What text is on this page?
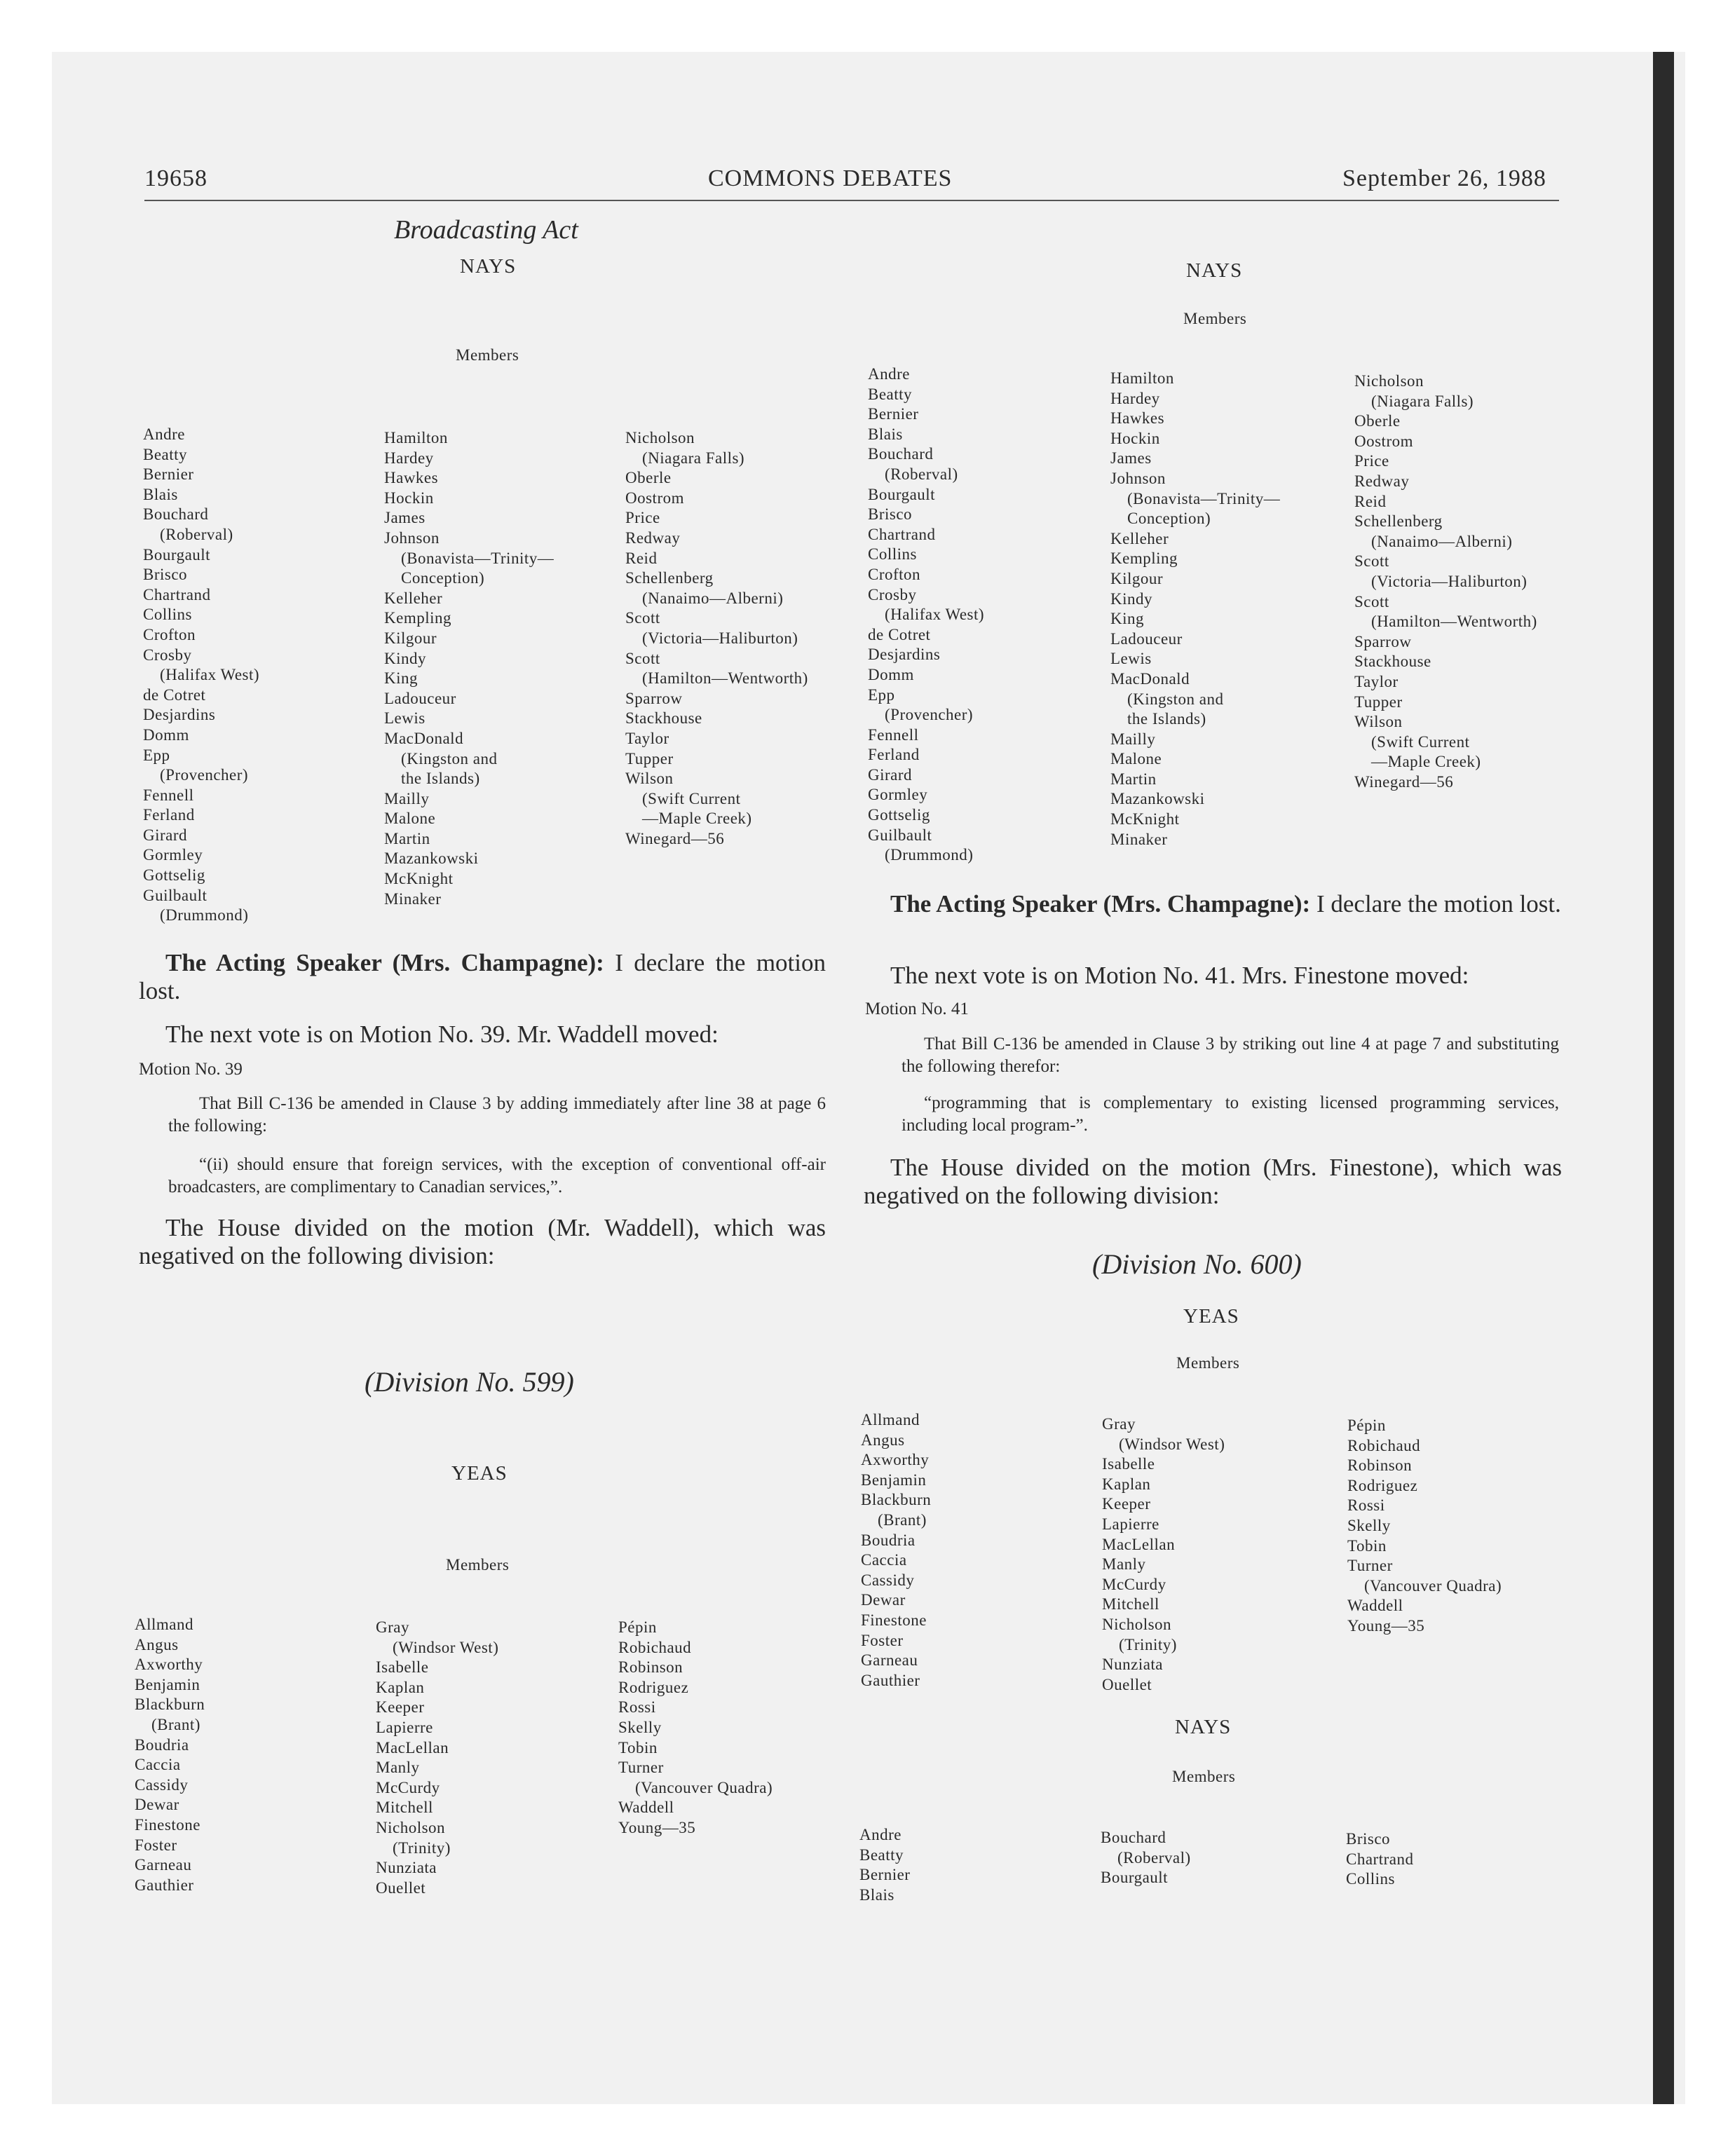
19658	COMMONS DEBATES	September 26, 1988
Broadcasting Act
NAYS
Members
Andre
Beatty
Bernier
Blais
Bouchard
(Roberval)
Bourgault
Brisco
Chartrand
Collins
Crofton
Crosby
(Halifax West)
de Cotret
Desjardins
Domm
Epp
(Provencher)
Fennell
Ferland
Girard
Gormley
Gottselig
Guilbault
(Drummond)
Hamilton
Hardey
Hawkes
Hockin
James
Johnson
(Bonavista—Trinity—
Conception)
Kelleher
Kempling
Kilgour
Kindy
King
Ladouceur
Lewis
MacDonald
(Kingston and
the Islands)
Mailly
Malone
Martin
Mazankowski
McKnight
Minaker
Nicholson
(Niagara Falls)
Oberle
Oostrom
Price
Redway
Reid
Schellenberg
(Nanaimo—Alberni)
Scott
(Victoria—Haliburton)
Scott
(Hamilton—Wentworth)
Sparrow
Stackhouse
Taylor
Tupper
Wilson
(Swift Current
—Maple Creek)
Winegard—56
The Acting Speaker (Mrs. Champagne): I declare the motion lost.
The next vote is on Motion No. 39. Mr. Waddell moved:
Motion No. 39
That Bill C-136 be amended in Clause 3 by adding immediately after line 38 at page 6 the following:
“(ii) should ensure that foreign services, with the exception of conventional off-air broadcasters, are complimentary to Canadian services,”.
The House divided on the motion (Mr. Waddell), which was negatived on the following division:
(Division No. 599)
YEAS
Members
Allmand
Angus
Axworthy
Benjamin
Blackburn
(Brant)
Boudria
Caccia
Cassidy
Dewar
Finestone
Foster
Garneau
Gauthier
Gray
(Windsor West)
Isabelle
Kaplan
Keeper
Lapierre
MacLellan
Manly
McCurdy
Mitchell
Nicholson
(Trinity)
Nunziata
Ouellet
Pépin
Robichaud
Robinson
Rodriguez
Rossi
Skelly
Tobin
Turner
(Vancouver Quadra)
Waddell
Young—35
NAYS
Members
Andre
Beatty
Bernier
Blais
Bouchard
(Roberval)
Bourgault
Brisco
Chartrand
Collins
Crofton
Crosby
(Halifax West)
de Cotret
Desjardins
Domm
Epp
(Provencher)
Fennell
Ferland
Girard
Gormley
Gottselig
Guilbault
(Drummond)
Hamilton
Hardey
Hawkes
Hockin
James
Johnson
(Bonavista—Trinity—
Conception)
Kelleher
Kempling
Kilgour
Kindy
King
Ladouceur
Lewis
MacDonald
(Kingston and
the Islands)
Mailly
Malone
Martin
Mazankowski
McKnight
Minaker
Nicholson
(Niagara Falls)
Oberle
Oostrom
Price
Redway
Reid
Schellenberg
(Nanaimo—Alberni)
Scott
(Victoria—Haliburton)
Scott
(Hamilton—Wentworth)
Sparrow
Stackhouse
Taylor
Tupper
Wilson
(Swift Current
—Maple Creek)
Winegard—56
The Acting Speaker (Mrs. Champagne): I declare the motion lost.
The next vote is on Motion No. 41. Mrs. Finestone moved:
Motion No. 41
That Bill C-136 be amended in Clause 3 by striking out line 4 at page 7 and substituting the following therefor:
“programming that is complementary to existing licensed programming services, including local program-”.
The House divided on the motion (Mrs. Finestone), which was negatived on the following division:
(Division No. 600)
YEAS
Members
Allmand
Angus
Axworthy
Benjamin
Blackburn
(Brant)
Boudria
Caccia
Cassidy
Dewar
Finestone
Foster
Garneau
Gauthier
Gray
(Windsor West)
Isabelle
Kaplan
Keeper
Lapierre
MacLellan
Manly
McCurdy
Mitchell
Nicholson
(Trinity)
Nunziata
Ouellet
Pépin
Robichaud
Robinson
Rodriguez
Rossi
Skelly
Tobin
Turner
(Vancouver Quadra)
Waddell
Young—35
NAYS
Members
Andre
Beatty
Bernier
Blais
Bouchard
(Roberval)
Bourgault
Brisco
Chartrand
Collins
